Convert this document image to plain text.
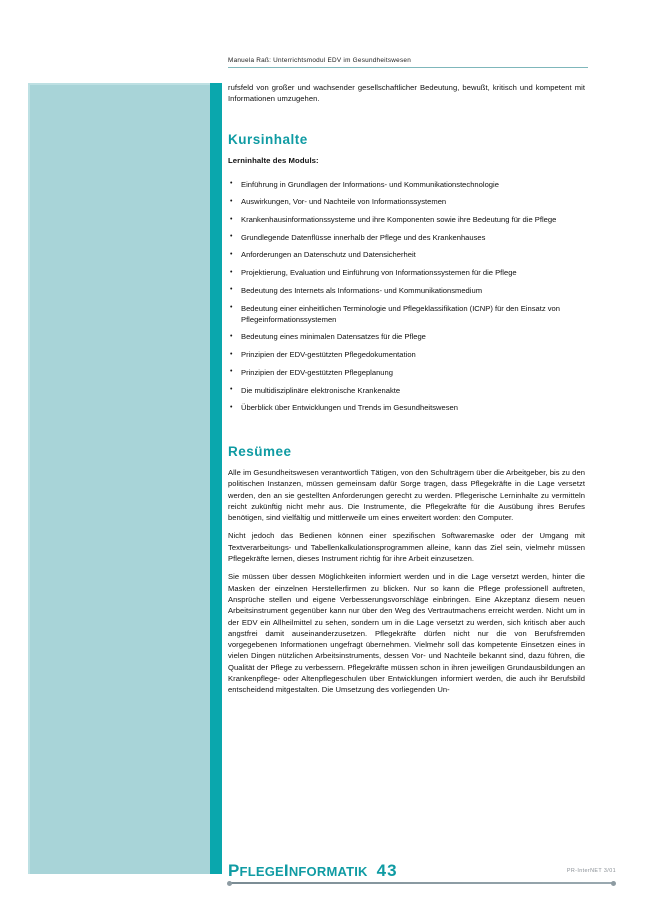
Manuela Raß: Unterrichtsmodul EDV im Gesundheitswesen

rufsfeld von großer und wachsender gesellschaftlicher Bedeutung, bewußt, kritisch und kompetent mit Informationen umzugehen.

Kursinhalte

Lerninhalte des Moduls:

• Einführung in Grundlagen der Informations- und Kommunikationstechnologie
• Auswirkungen, Vor- und Nachteile von Informationssystemen
• Krankenhausinformationssysteme und ihre Komponenten sowie ihre Bedeutung für die Pflege
• Grundlegende Datenflüsse innerhalb der Pflege und des Krankenhauses
• Anforderungen an Datenschutz und Datensicherheit
• Projektierung, Evaluation und Einführung von Informationssystemen für die Pflege
• Bedeutung des Internets als Informations- und Kommunikationsmedium
• Bedeutung einer einheitlichen Terminologie und Pflegeklassifikation (ICNP) für den Einsatz von Pflegeinformationssystemen
• Bedeutung eines minimalen Datensatzes für die Pflege
• Prinzipien der EDV-gestützten Pflegedokumentation
• Prinzipien der EDV-gestützten Pflegeplanung
• Die multidisziplinäre elektronische Krankenakte
• Überblick über Entwicklungen und Trends im Gesundheitswesen
Resümee

Alle im Gesundheitswesen verantwortlich Tätigen, von den Schulträgern über die Arbeitgeber, bis zu den politischen Instanzen, müssen gemeinsam dafür Sorge tragen, dass Pflegekräfte in die Lage versetzt werden, den an sie gestellten Anforderungen gerecht zu werden. Pflegerische Lerninhalte zu vermitteln reicht zukünftig nicht mehr aus. Die Instrumente, die Pflegekräfte für die Ausübung ihres Berufes benötigen, sind vielfältig und mittlerweile um eines erweitert worden: den Computer.

Nicht jedoch das Bedienen können einer spezifischen Softwaremaske oder der Umgang mit Textverarbeitungs- und Tabellenkalkulationsprogrammen alleine, kann das Ziel sein, vielmehr müssen Pflegekräfte lernen, dieses Instrument richtig für ihre Arbeit einzusetzen.

Sie müssen über dessen Möglichkeiten informiert werden und in die Lage versetzt werden, hinter die Masken der einzelnen Herstellerfirmen zu blicken. Nur so kann die Pflege professionell auftreten, Ansprüche stellen und eigene Verbesserungsvorschläge einbringen. Eine Akzeptanz diesem neuen Arbeitsinstrument gegenüber kann nur über den Weg des Vertrautmachens erreicht werden. Nicht um in der EDV ein Allheilmittel zu sehen, sondern um in die Lage versetzt zu werden, sich kritisch aber auch angstfrei damit auseinanderzusetzen. Pflegekräfte dürfen nicht nur die von Berufsfremden vorgegebenen Informationen ungefragt übernehmen. Vielmehr soll das kompetente Einsetzen eines in vielen Dingen nützlichen Arbeitsinstruments, dessen Vor- und Nachteile bekannt sind, dazu führen, die Qualität der Pflege zu verbessern. Pflegekräfte müssen schon in ihren jeweiligen Grundausbildungen an Krankenpflege- oder Altenpflegeschulen über Entwicklungen informiert werden, die auch ihr Berufsbild entscheidend mitgestalten. Die Umsetzung des vorliegenden Un-

PFLEGEINFORMATIK 43	PR-InterNET 3/01
